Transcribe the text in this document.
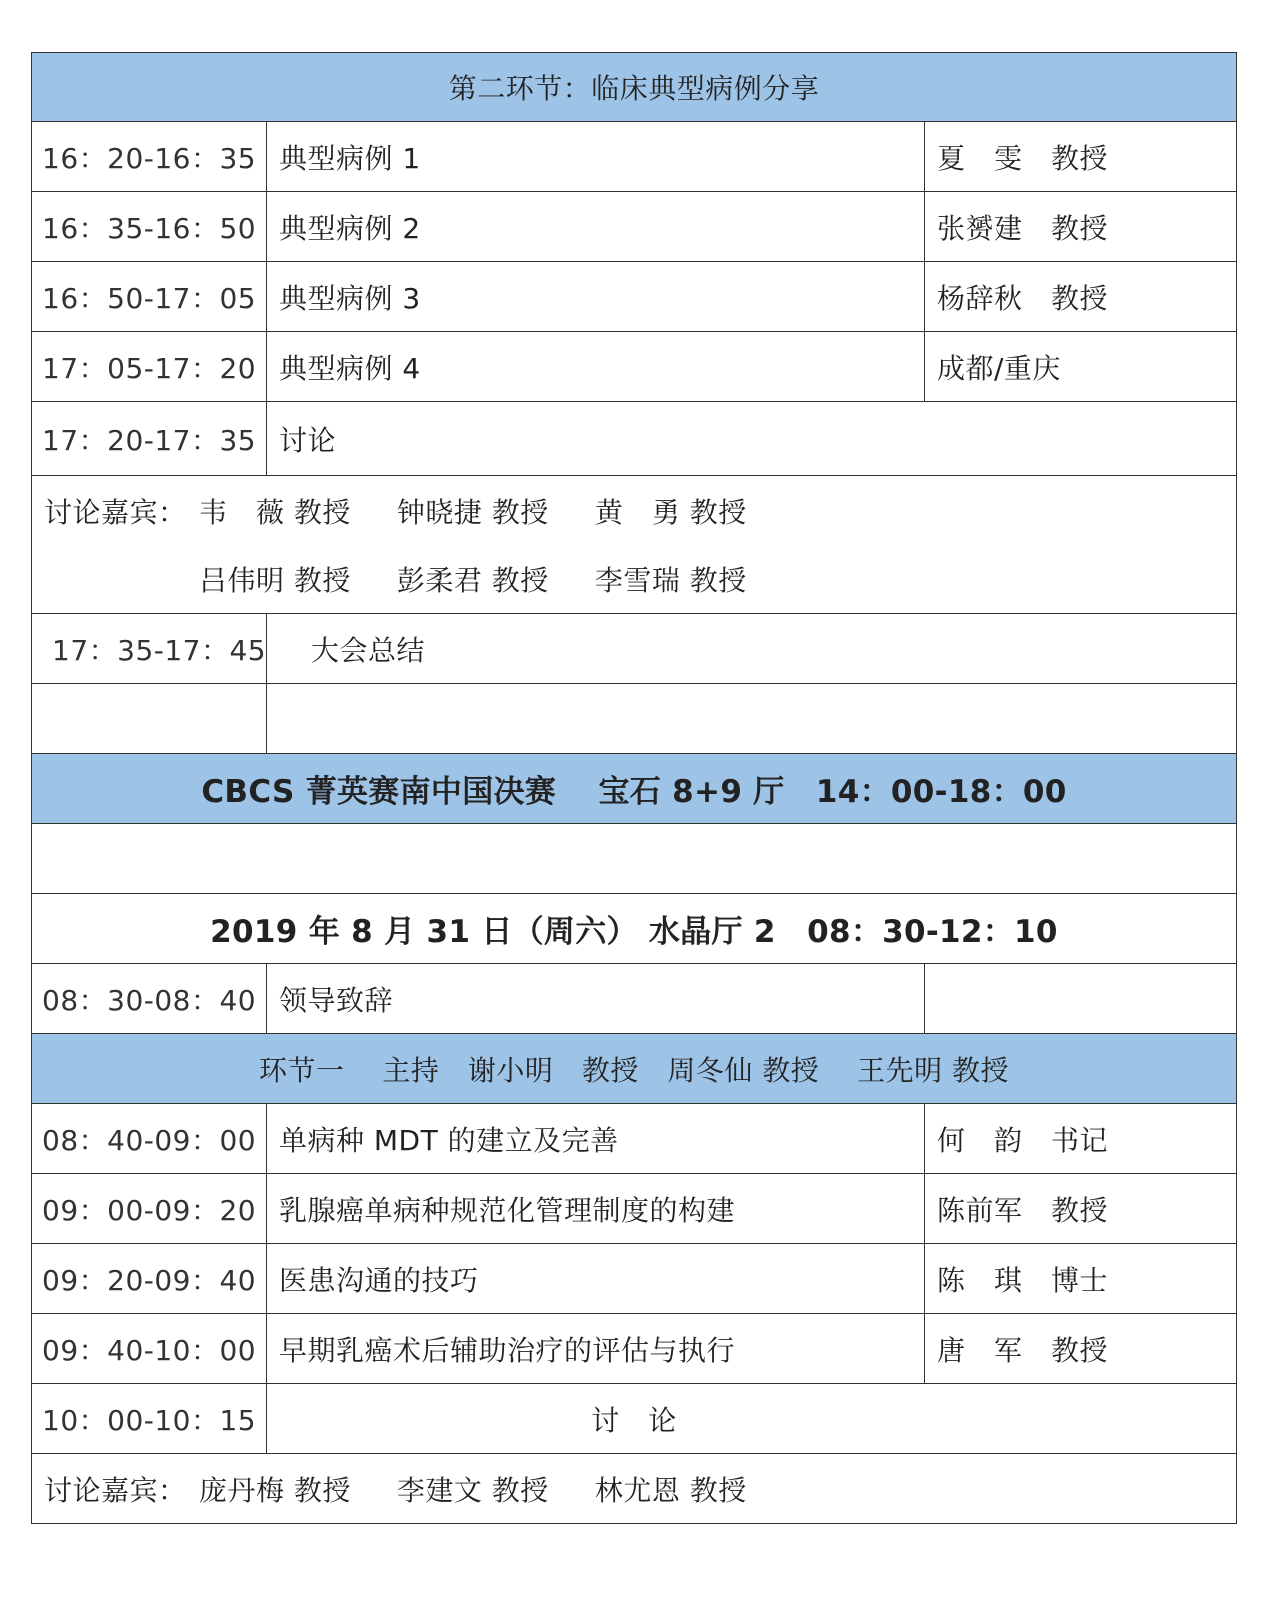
第二环节：临床典型病例分享
16：20-16：35 典型病例 1	夏　雯　教授
16：35-16：50 典型病例 2	张赟建　教授
16：50-17：05 典型病例 3	杨辞秋　教授
17：05-17：20 典型病例 4	成都/重庆
17：20-17：35 讨论
讨论嘉宾： 韦　薇 教授 钟晓捷 教授 黄　勇 教授
吕伟明 教授 彭柔君 教授 李雪瑞 教授
17：35-17：45	大会总结
CBCS 菁英赛南中国决赛　 宝石 8+9 厅　14：00-18：00
2019 年 8 月 31 日（周六） 水晶厅 2　08：30-12：10
08：30-08：40 领导致辞
环节一　 主持　谢小明　教授　周冬仙 教授　 王先明 教授
08：40-09：00 单病种 MDT 的建立及完善	何　韵　书记
09：00-09：20 乳腺癌单病种规范化管理制度的构建	陈前军　教授
09：20-09：40 医患沟通的技巧	陈　琪　博士
09：40-10：00 早期乳癌术后辅助治疗的评估与执行	唐　军　教授
10：00-10：15	讨　论
讨论嘉宾： 庞丹梅 教授 李建文 教授 林尤恩 教授
